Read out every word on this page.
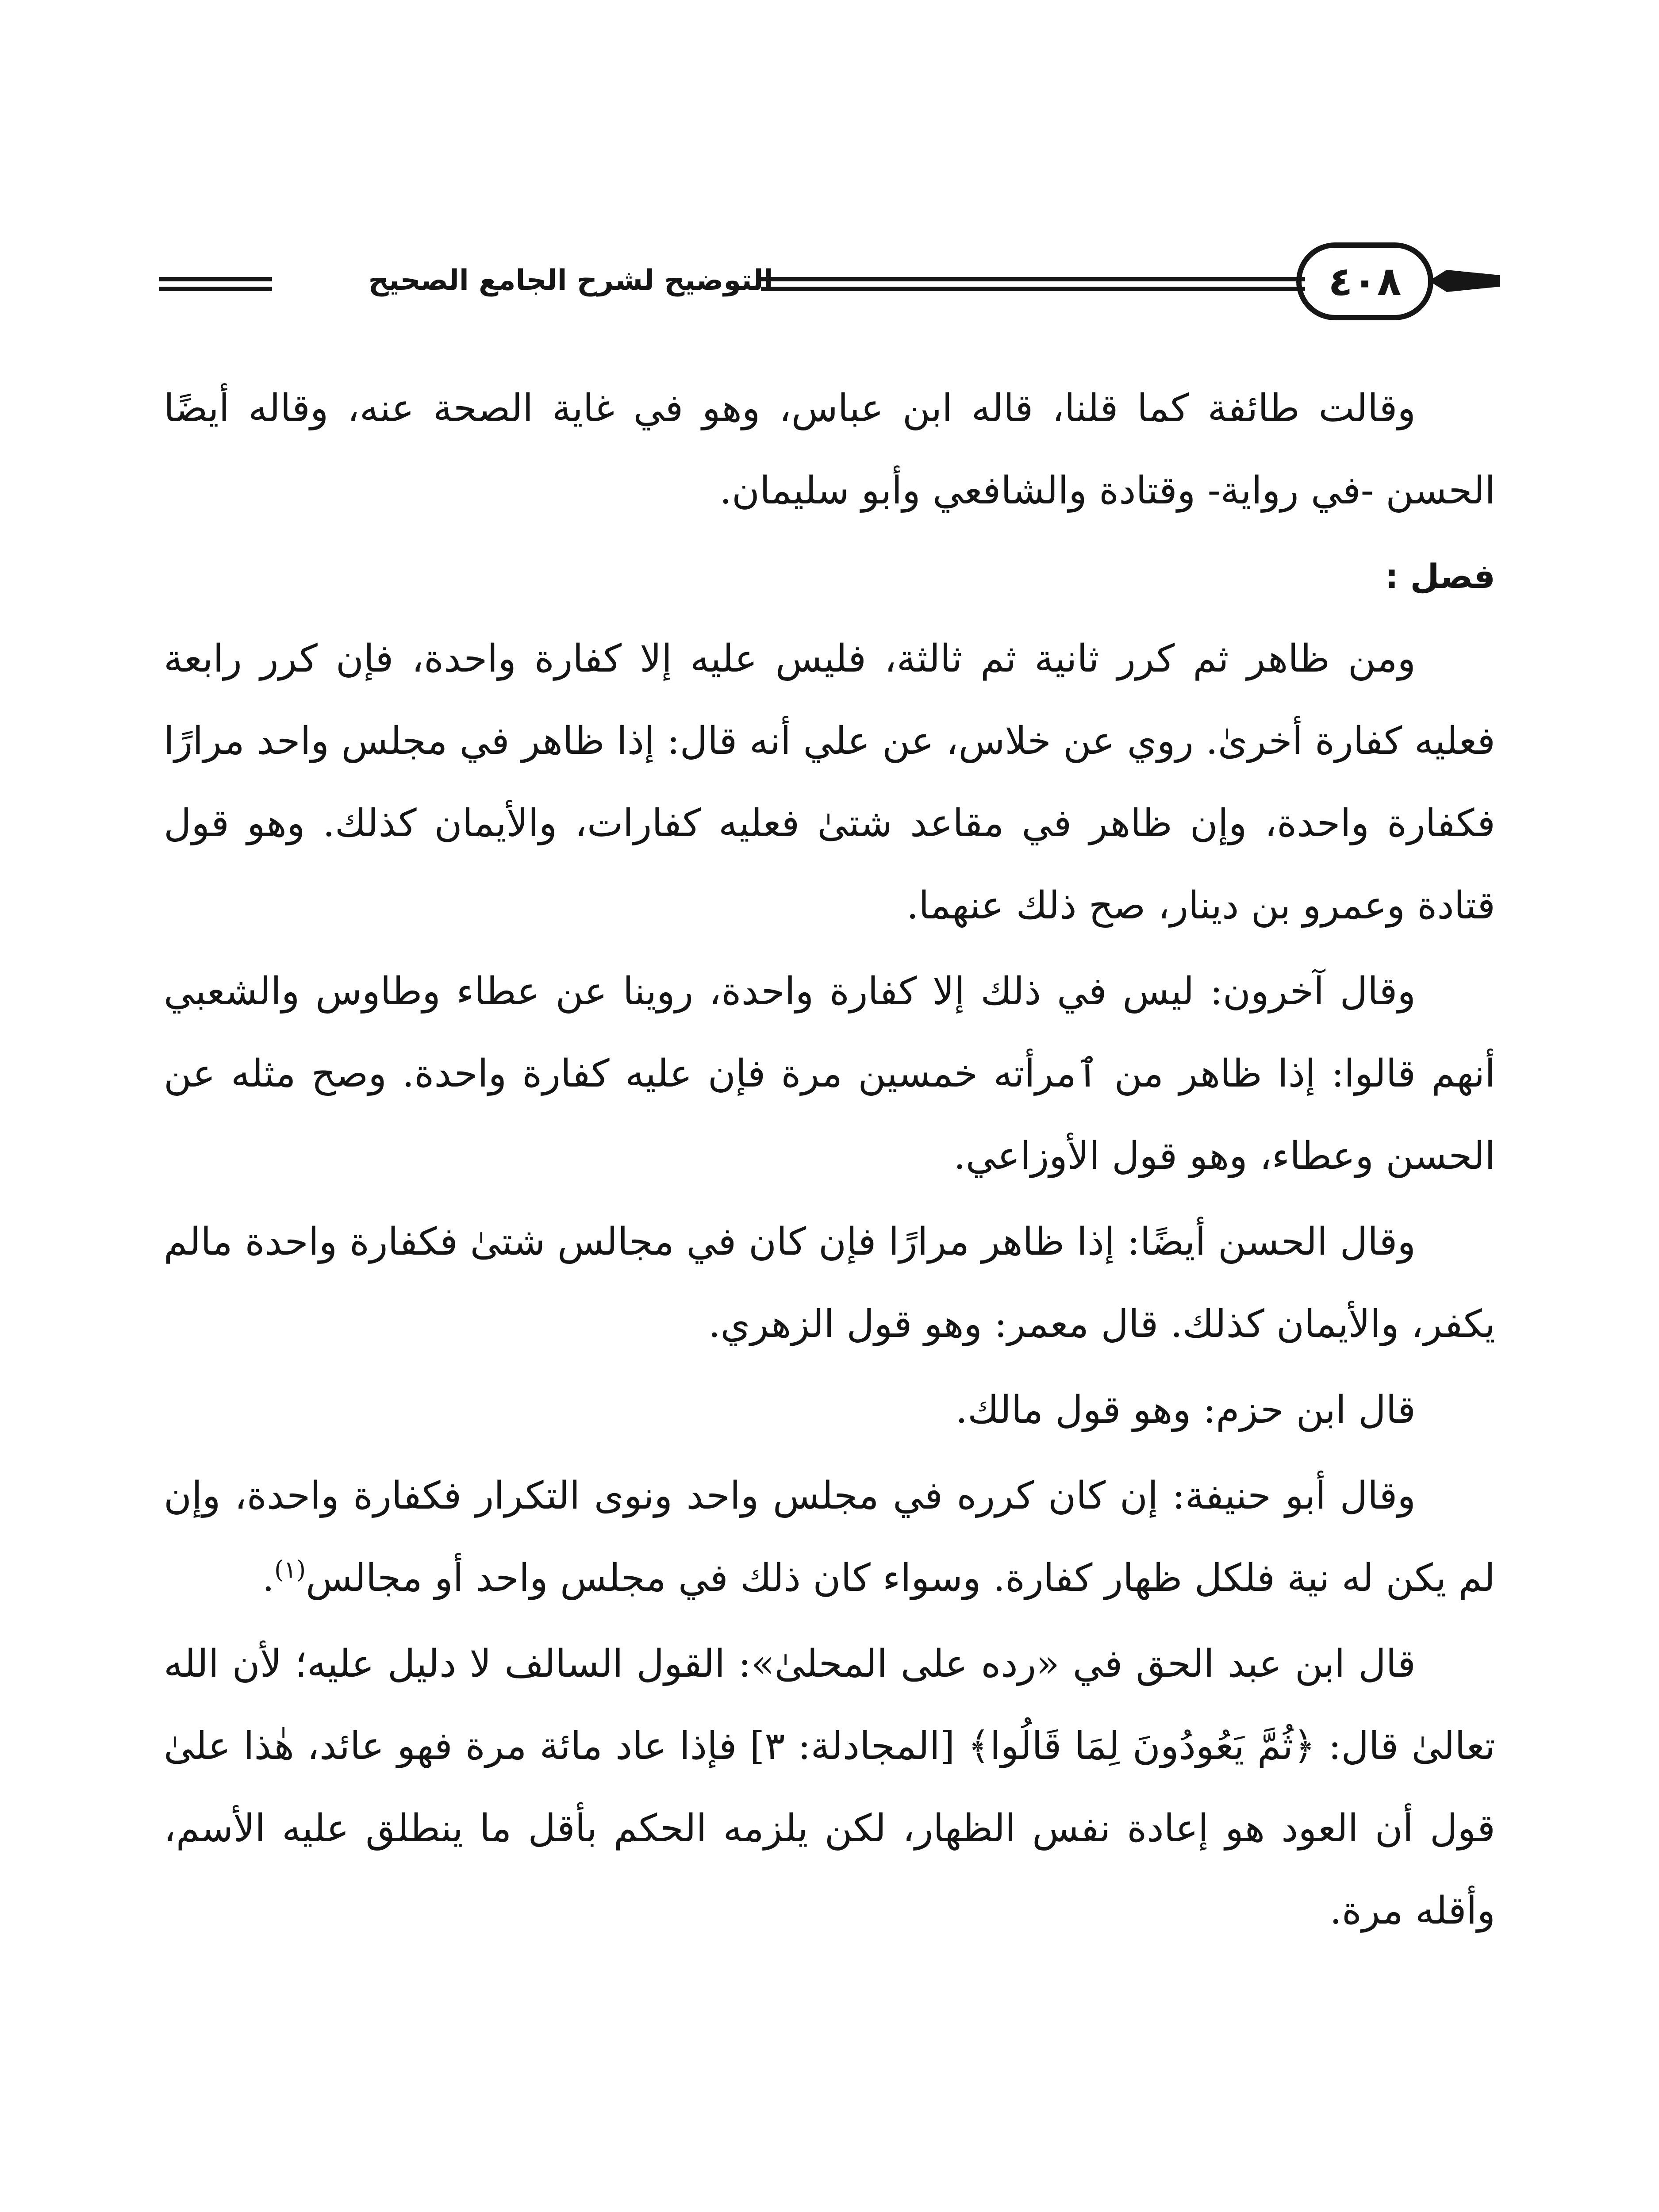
التوضيح لشرح الجامع الصحيح	٤٠٨

وقالت طائفة كما قلنا، قاله ابن عباس، وهو في غاية الصحة عنه، وقاله أيضًا الحسن -في رواية- وقتادة والشافعي وأبو سليمان.

فصل :

ومن ظاهر ثم كرر ثانية ثم ثالثة، فليس عليه إلا كفارة واحدة، فإن كرر رابعة فعليه كفارة أخرىٰ. روي عن خلاس، عن علي أنه قال: إذا ظاهر في مجلس واحد مرارًا فكفارة واحدة، وإن ظاهر في مقاعد شتىٰ فعليه كفارات، والأيمان كذلك. وهو قول قتادة وعمرو بن دينار، صح ذلك عنهما.

وقال آخرون: ليس في ذلك إلا كفارة واحدة، روينا عن عطاء وطاوس والشعبي أنهم قالوا: إذا ظاهر من ٱمرأته خمسين مرة فإن عليه كفارة واحدة. وصح مثله عن الحسن وعطاء، وهو قول الأوزاعي.

وقال الحسن أيضًا: إذا ظاهر مرارًا فإن كان في مجالس شتىٰ فكفارة واحدة مالم يكفر، والأيمان كذلك. قال معمر: وهو قول الزهري.

قال ابن حزم: وهو قول مالك.

وقال أبو حنيفة: إن كان كرره في مجلس واحد ونوى التكرار فكفارة واحدة، وإن لم يكن له نية فلكل ظهار كفارة. وسواء كان ذلك في مجلس واحد أو مجالس$^{(١)}$.

قال ابن عبد الحق في «رده على المحلىٰ»: القول السالف لا دليل عليه؛ لأن الله تعالىٰ قال: ﴿ثُمَّ يَعُودُونَ لِمَا قَالُوا﴾ [المجادلة: ٣] فإذا عاد مائة مرة فهو عائد، هٰذا علىٰ قول أن العود هو إعادة نفس الظهار، لكن يلزمه الحكم بأقل ما ينطلق عليه الأسم، وأقله مرة.
